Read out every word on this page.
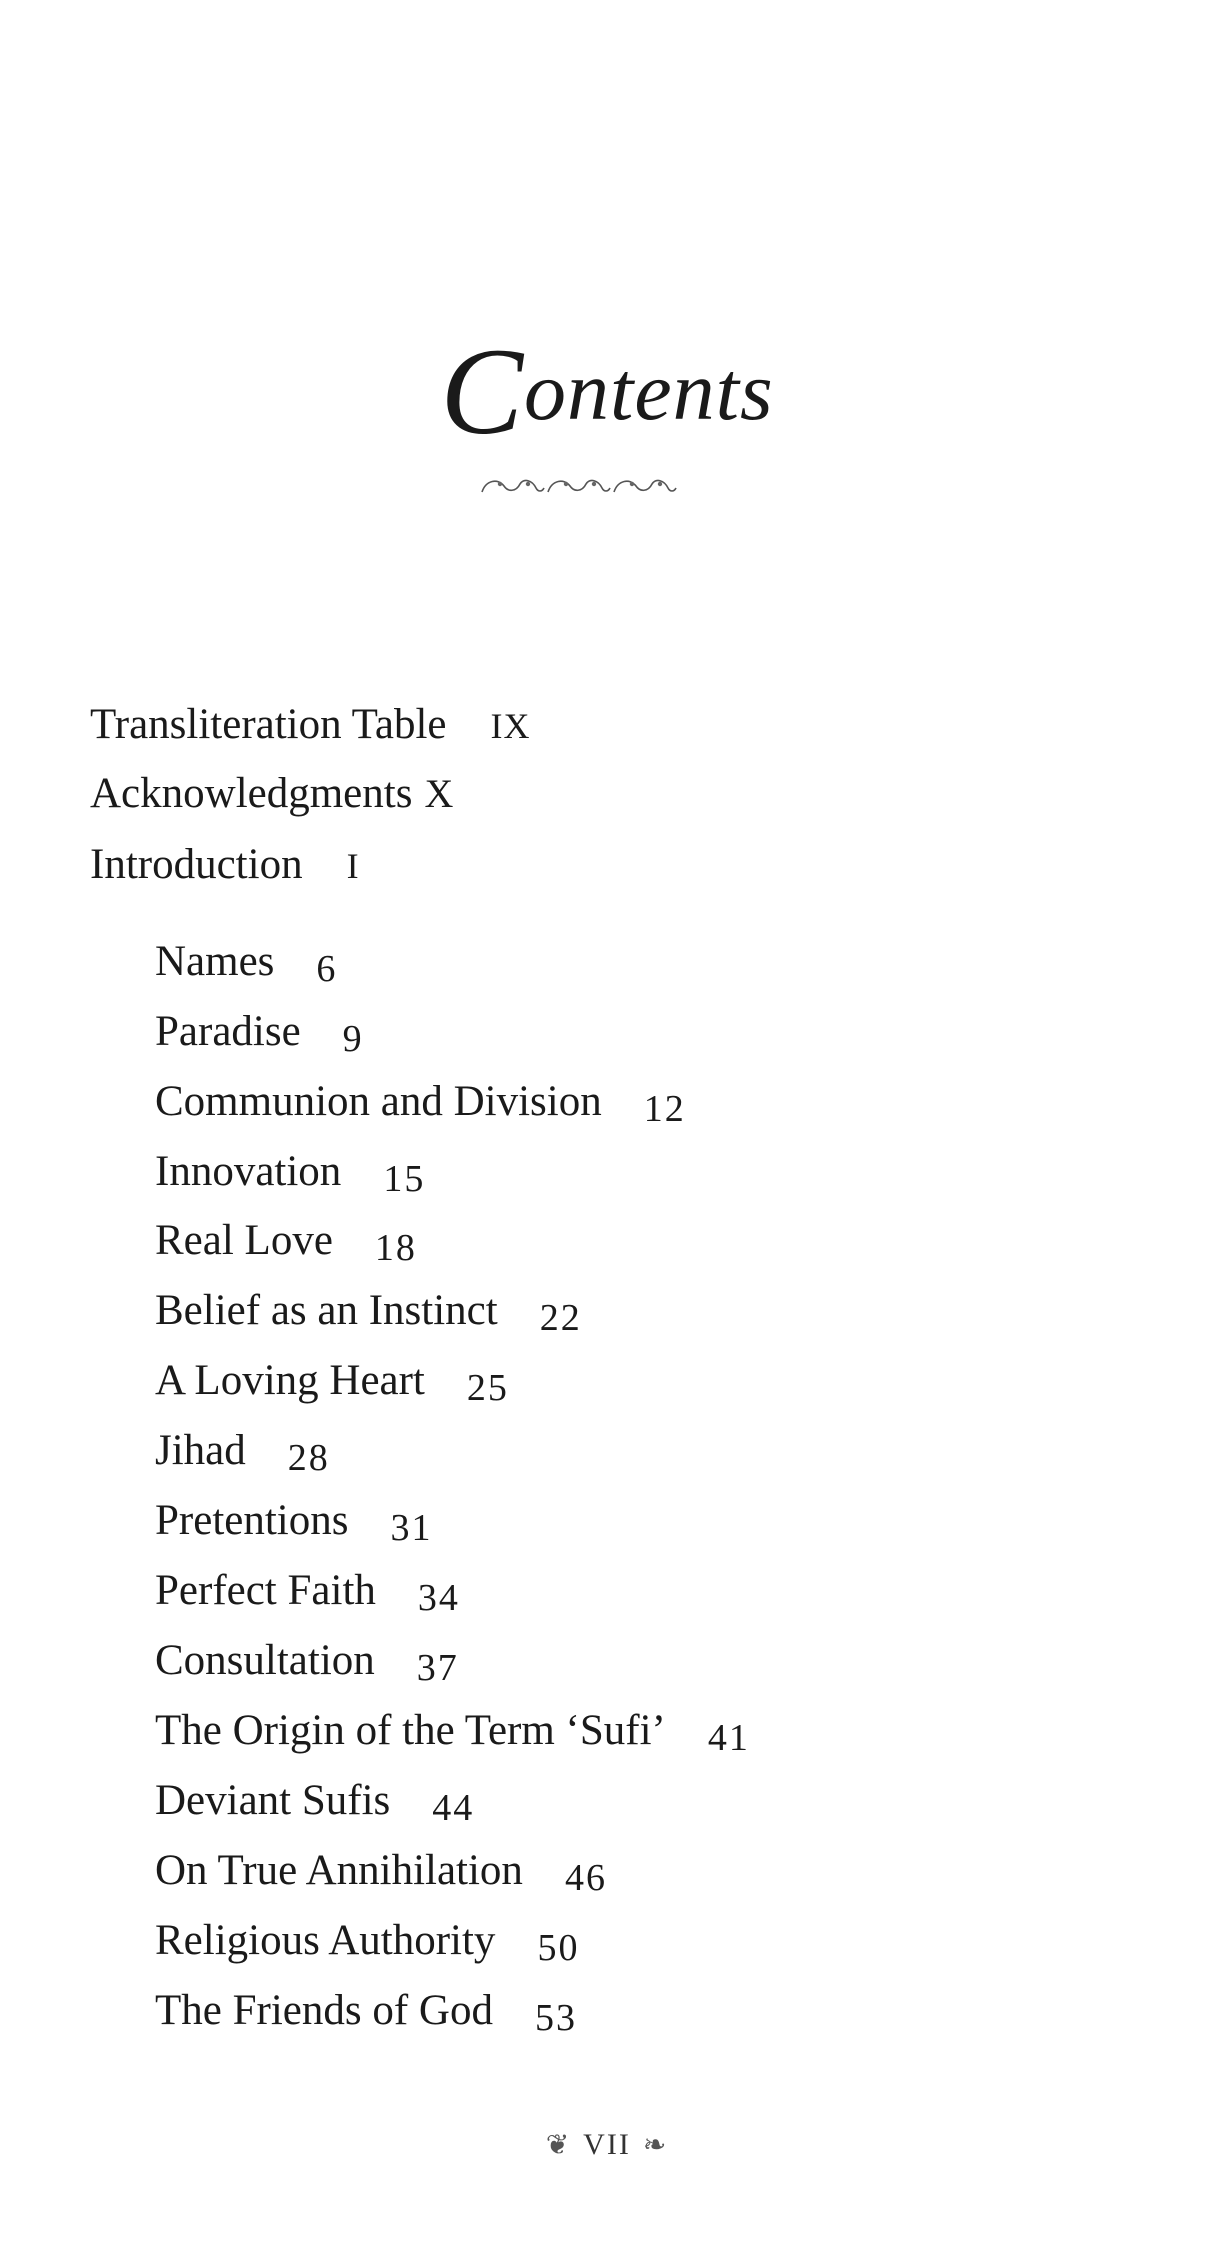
Contents
Transliteration Table IX
Acknowledgments X
Introduction I
Names 6
Paradise 9
Communion and Division 12
Innovation 15
Real Love 18
Belief as an Instinct 22
A Loving Heart 25
Jihad 28
Pretentions 31
Perfect Faith 34
Consultation 37
The Origin of the Term ‘Sufi’ 41
Deviant Sufis 44
On True Annihilation 46
Religious Authority 50
The Friends of God 53
❦ VII ❧
